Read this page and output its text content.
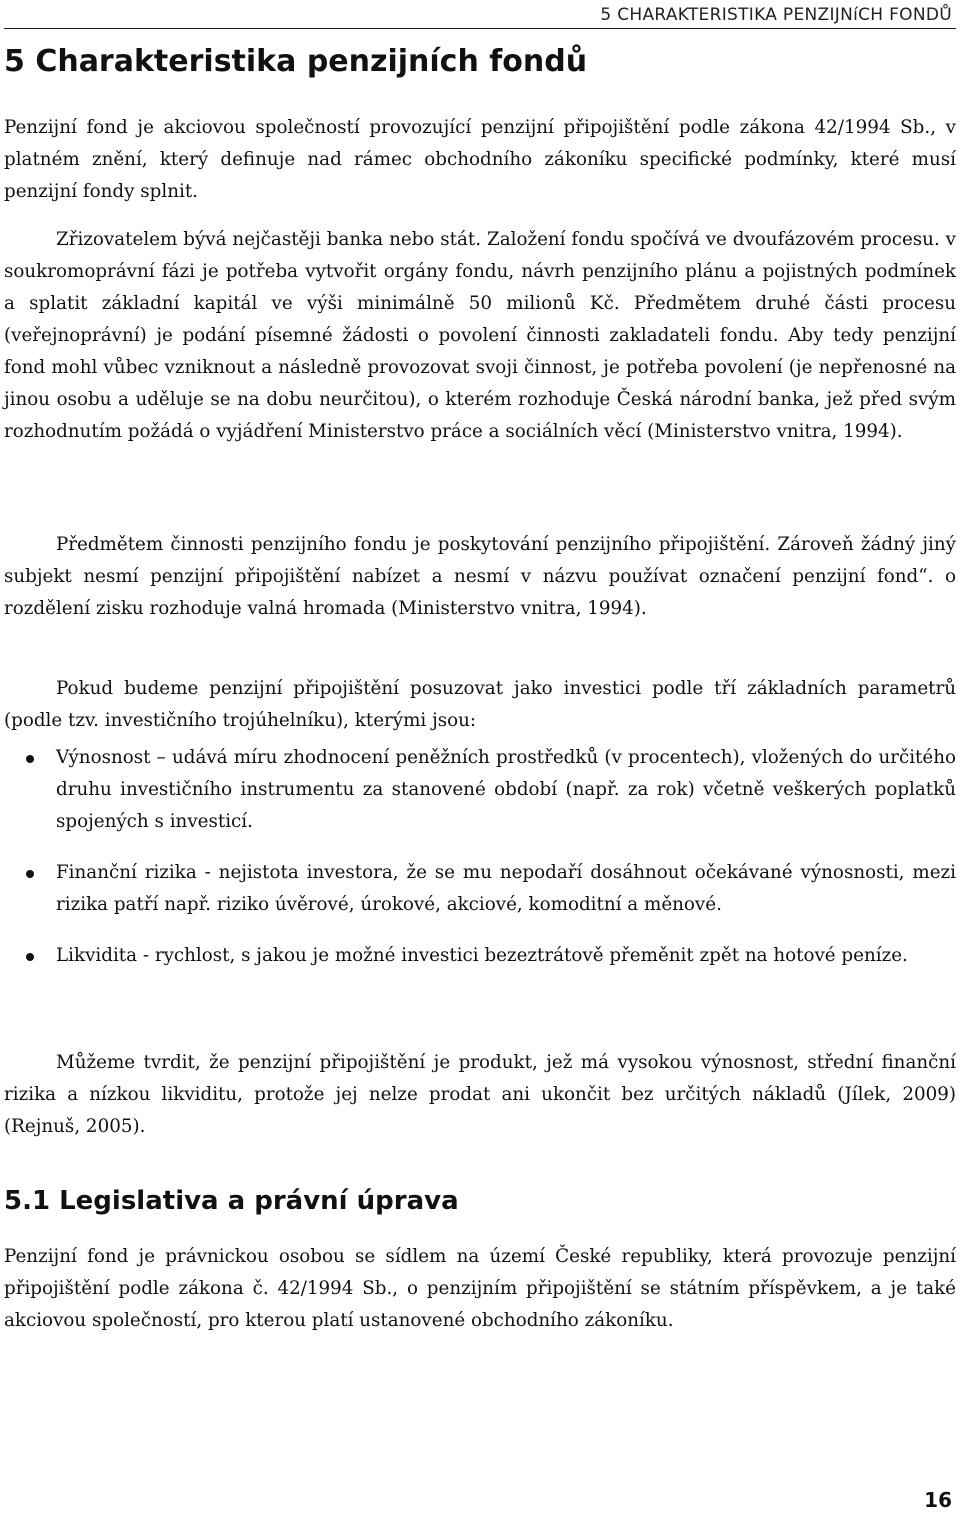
5 CHARAKTERISTIKA PENZIJNíCH FONDŮ
5 Charakteristika penzijních fondů

Penzijní fond je akciovou společností provozující penzijní připojištění podle zákona 42/1994 Sb., v platném znění, který definuje nad rámec obchodního zákoníku specifické podmínky, které musí penzijní fondy splnit.

Zřizovatelem bývá nejčastěji banka nebo stát. Založení fondu spočívá ve dvoufázovém procesu. v soukromoprávní fázi je potřeba vytvořit orgány fondu, návrh penzijního plánu a pojistných podmínek a splatit základní kapitál ve výši minimálně 50 milionů Kč. Předmětem druhé části procesu (veřejnoprávní) je podání písemné žádosti o povolení činnosti zakladateli fondu. Aby tedy penzijní fond mohl vůbec vzniknout a následně provozovat svoji činnost, je potřeba povolení (je nepřenosné na jinou osobu a uděluje se na dobu neurčitou), o kterém rozhoduje Česká národní banka, jež před svým rozhodnutím požádá o vyjádření Ministerstvo práce a sociálních věcí (Ministerstvo vnitra, 1994).

Předmětem činnosti penzijního fondu je poskytování penzijního připojištění. Zároveň žádný jiný subjekt nesmí penzijní připojištění nabízet a nesmí v názvu používat označení penzijní fond“. o rozdělení zisku rozhoduje valná hromada (Ministerstvo vnitra, 1994).

Pokud budeme penzijní připojištění posuzovat jako investici podle tří základních parametrů (podle tzv. investičního trojúhelníku), kterými jsou:

Výnosnost – udává míru zhodnocení peněžních prostředků (v procentech), vložených do určitého druhu investičního instrumentu za stanovené období (např. za rok) včetně veškerých poplatků spojených s investicí.
Finanční rizika - nejistota investora, že se mu nepodaří dosáhnout očekávané výnosnosti, mezi rizika patří např. riziko úvěrové, úrokové, akciové, komoditní a měnové.
Likvidita - rychlost, s jakou je možné investici bezeztrátově přeměnit zpět na hotové peníze.

Můžeme tvrdit, že penzijní připojištění je produkt, jež má vysokou výnosnost, střední finanční rizika a nízkou likviditu, protože jej nelze prodat ani ukončit bez určitých nákladů (Jílek, 2009) (Rejnuš, 2005).

5.1 Legislativa a právní úprava

Penzijní fond je právnickou osobou se sídlem na území České republiky, která provozuje penzijní připojištění podle zákona č. 42/1994 Sb., o penzijním připojištění se státním příspěvkem, a je také akciovou společností, pro kterou platí ustanovené obchodního zákoníku.

16
